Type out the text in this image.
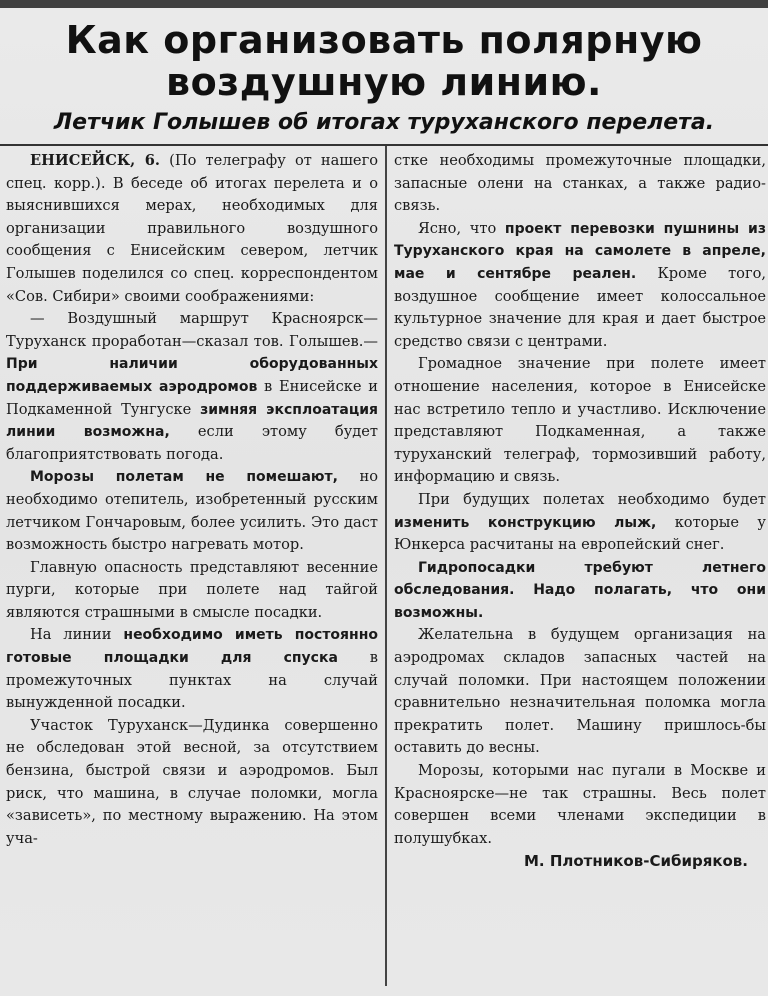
Как организовать полярную
воздушную линию.
Летчик Голышев об итогах туруханского перелета.

ЕНИСЕЙСК, 6. (По телеграфу от нашего спец. корр.). В беседе об итогах перелета и о выяснившихся мерах, необходимых для организации правильного воздушного сообщения с Енисейским севером, летчик Голышев поделился со спец. корреспондентом «Сов. Сибири» своими соображениями:

— Воздушный маршрут Красноярск—Туруханск проработан—сказал тов. Голышев.— При наличии оборудованных поддерживаемых аэродромов в Енисейске и Подкаменной Тунгуске зимняя эксплоатация линии возможна, если этому будет благоприятствовать погода.

Морозы полетам не помешают, но необходимо отепитель, изобретенный русским летчиком Гончаровым, более усилить. Это даст возможность быстро нагревать мотор.

Главную опасность представляют весенние пурги, которые при полете над тайгой являются страшными в смысле посадки.

На линии необходимо иметь постоянно готовые площадки для спуска в промежуточных пунктах на случай вынужденной посадки.

Участок Туруханск—Дудинка совершенно не обследован этой весной, за отсутствием бензина, быстрой связи и аэродромов. Был риск, что машина, в случае поломки, могла «зависеть», по местному выражению. На этом уча-

стке необходимы промежуточные площадки, запасные олени на станках, а также радио-связь.

Ясно, что проект перевозки пушнины из Туруханского края на самолете в апреле, мае и сентябре реален. Кроме того, воздушное сообщение имеет колоссальное культурное значение для края и дает быстрое средство связи с центрами.

Громадное значение при полете имеет отношение населения, которое в Енисейске нас встретило тепло и участливо. Исключение представляют Подкаменная, а также туруханский телеграф, тормозивший работу, информацию и связь.

При будущих полетах необходимо будет изменить конструкцию лыж, которые у Юнкерса расчитаны на европейский снег.

Гидропоcадки требуют летнего обследования. Надо полагать, что они возможны.

Желательна в будущем организация на аэродромах складов запасных частей на случай поломки. При настоящем положении сравнительно незначительная поломка могла прекратить полет. Машину пришлось-бы оставить до весны.

Морозы, которыми нас пугали в Москве и Красноярске—не так страшны. Весь полет совершен всеми членами экспедиции в полушубках.

М. Плотников-Сибиряков.
